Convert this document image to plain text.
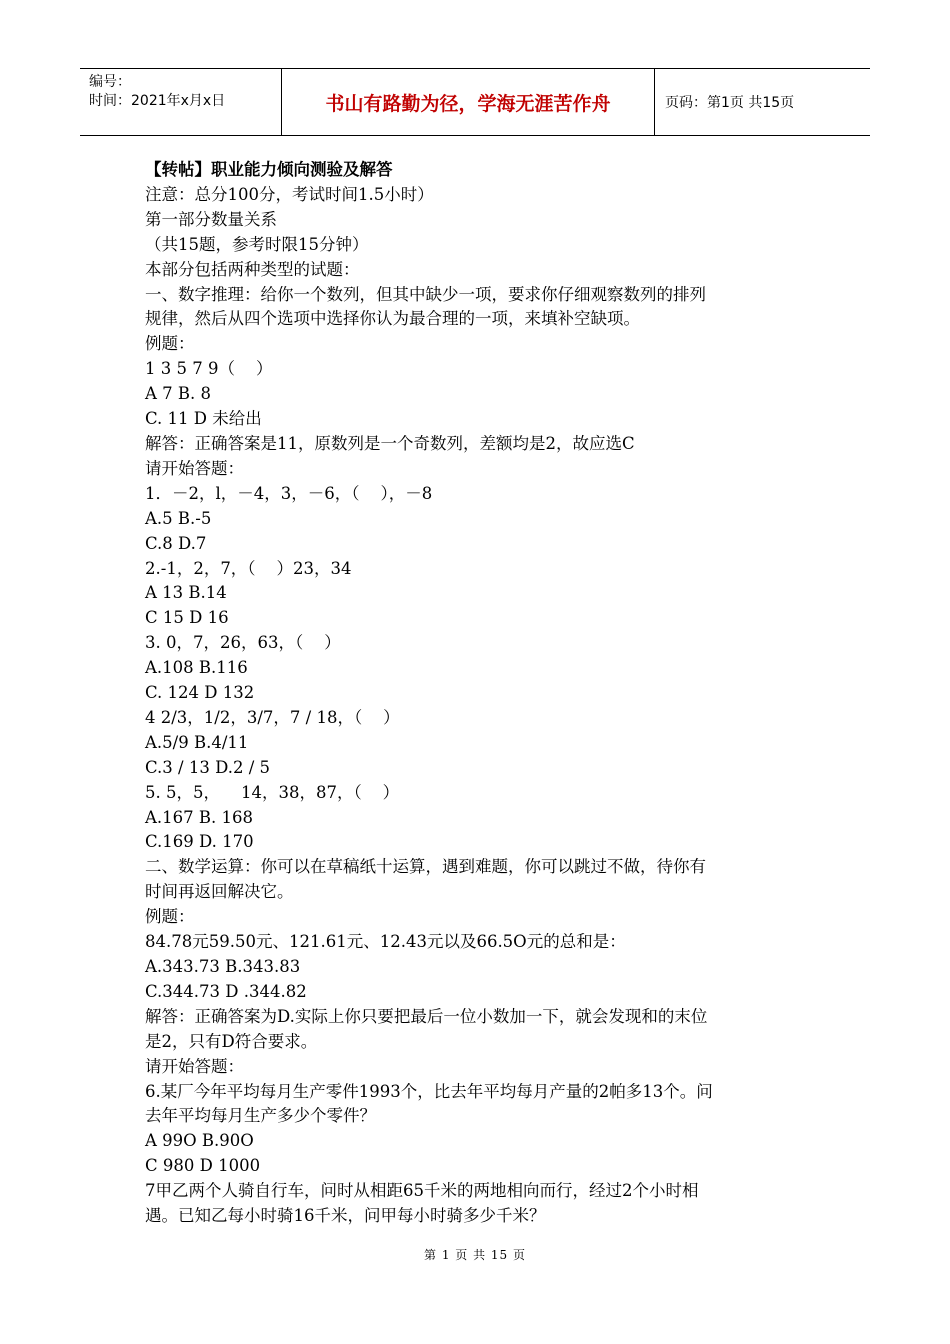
编号：
时间：2021年x月x日	书山有路勤为径，学海无涯苦作舟	页码：第1页 共15页
【转帖】职业能力倾向测验及解答
注意：总分100分，考试时间1.5小时）
第一部分数量关系
（共15题，参考时限15分钟）
本部分包括两种类型的试题：
一、数字推理：给你一个数列，但其中缺少一项，要求你仔细观察数列的排列
规律，然后从四个选项中选择你认为最合理的一项，来填补空缺项。
例题：
1 3 5 7 9（    ）
A 7 B. 8
C. 11 D 未给出
解答：正确答案是11，原数列是一个奇数列，差额均是2，故应选C
请开始答题：
1．－2，l，－4，3，－6，（    ），－8
A.5 B.-5
C.8 D.7
2.-1，2，7，（    ）23，34
A 13 B.14
C 15 D 16
3. 0，7，26，63，（    ）
A.108 B.116
C. 124 D 132
4 2/3，1/2，3/7，7 / 18，（    ）
A.5/9 B.4/11
C.3 / 13 D.2 / 5
5. 5，5，    14，38，87，（    ）
A.167 B. 168
C.169 D. 170
二、数学运算：你可以在草稿纸十运算，遇到难题，你可以跳过不做，待你有
时间再返回解决它。
例题：
84.78元59.50元、121.61元、12.43元以及66.5O元的总和是：
A.343.73 B.343.83
C.344.73 D .344.82
解答：正确答案为D.实际上你只要把最后一位小数加一下，就会发现和的末位
是2，只有D符合要求。
请开始答题：
6.某厂今年平均每月生产零件1993个，比去年平均每月产量的2帕多13个。问
去年平均每月生产多少个零件？
A 99O B.90O
C 980 D 1000
7甲乙两个人骑自行车，问时从相距65千米的两地相向而行，经过2个小时相
遇。已知乙每小时骑16千米，问甲每小时骑多少千米？
第 1 页 共 15 页
